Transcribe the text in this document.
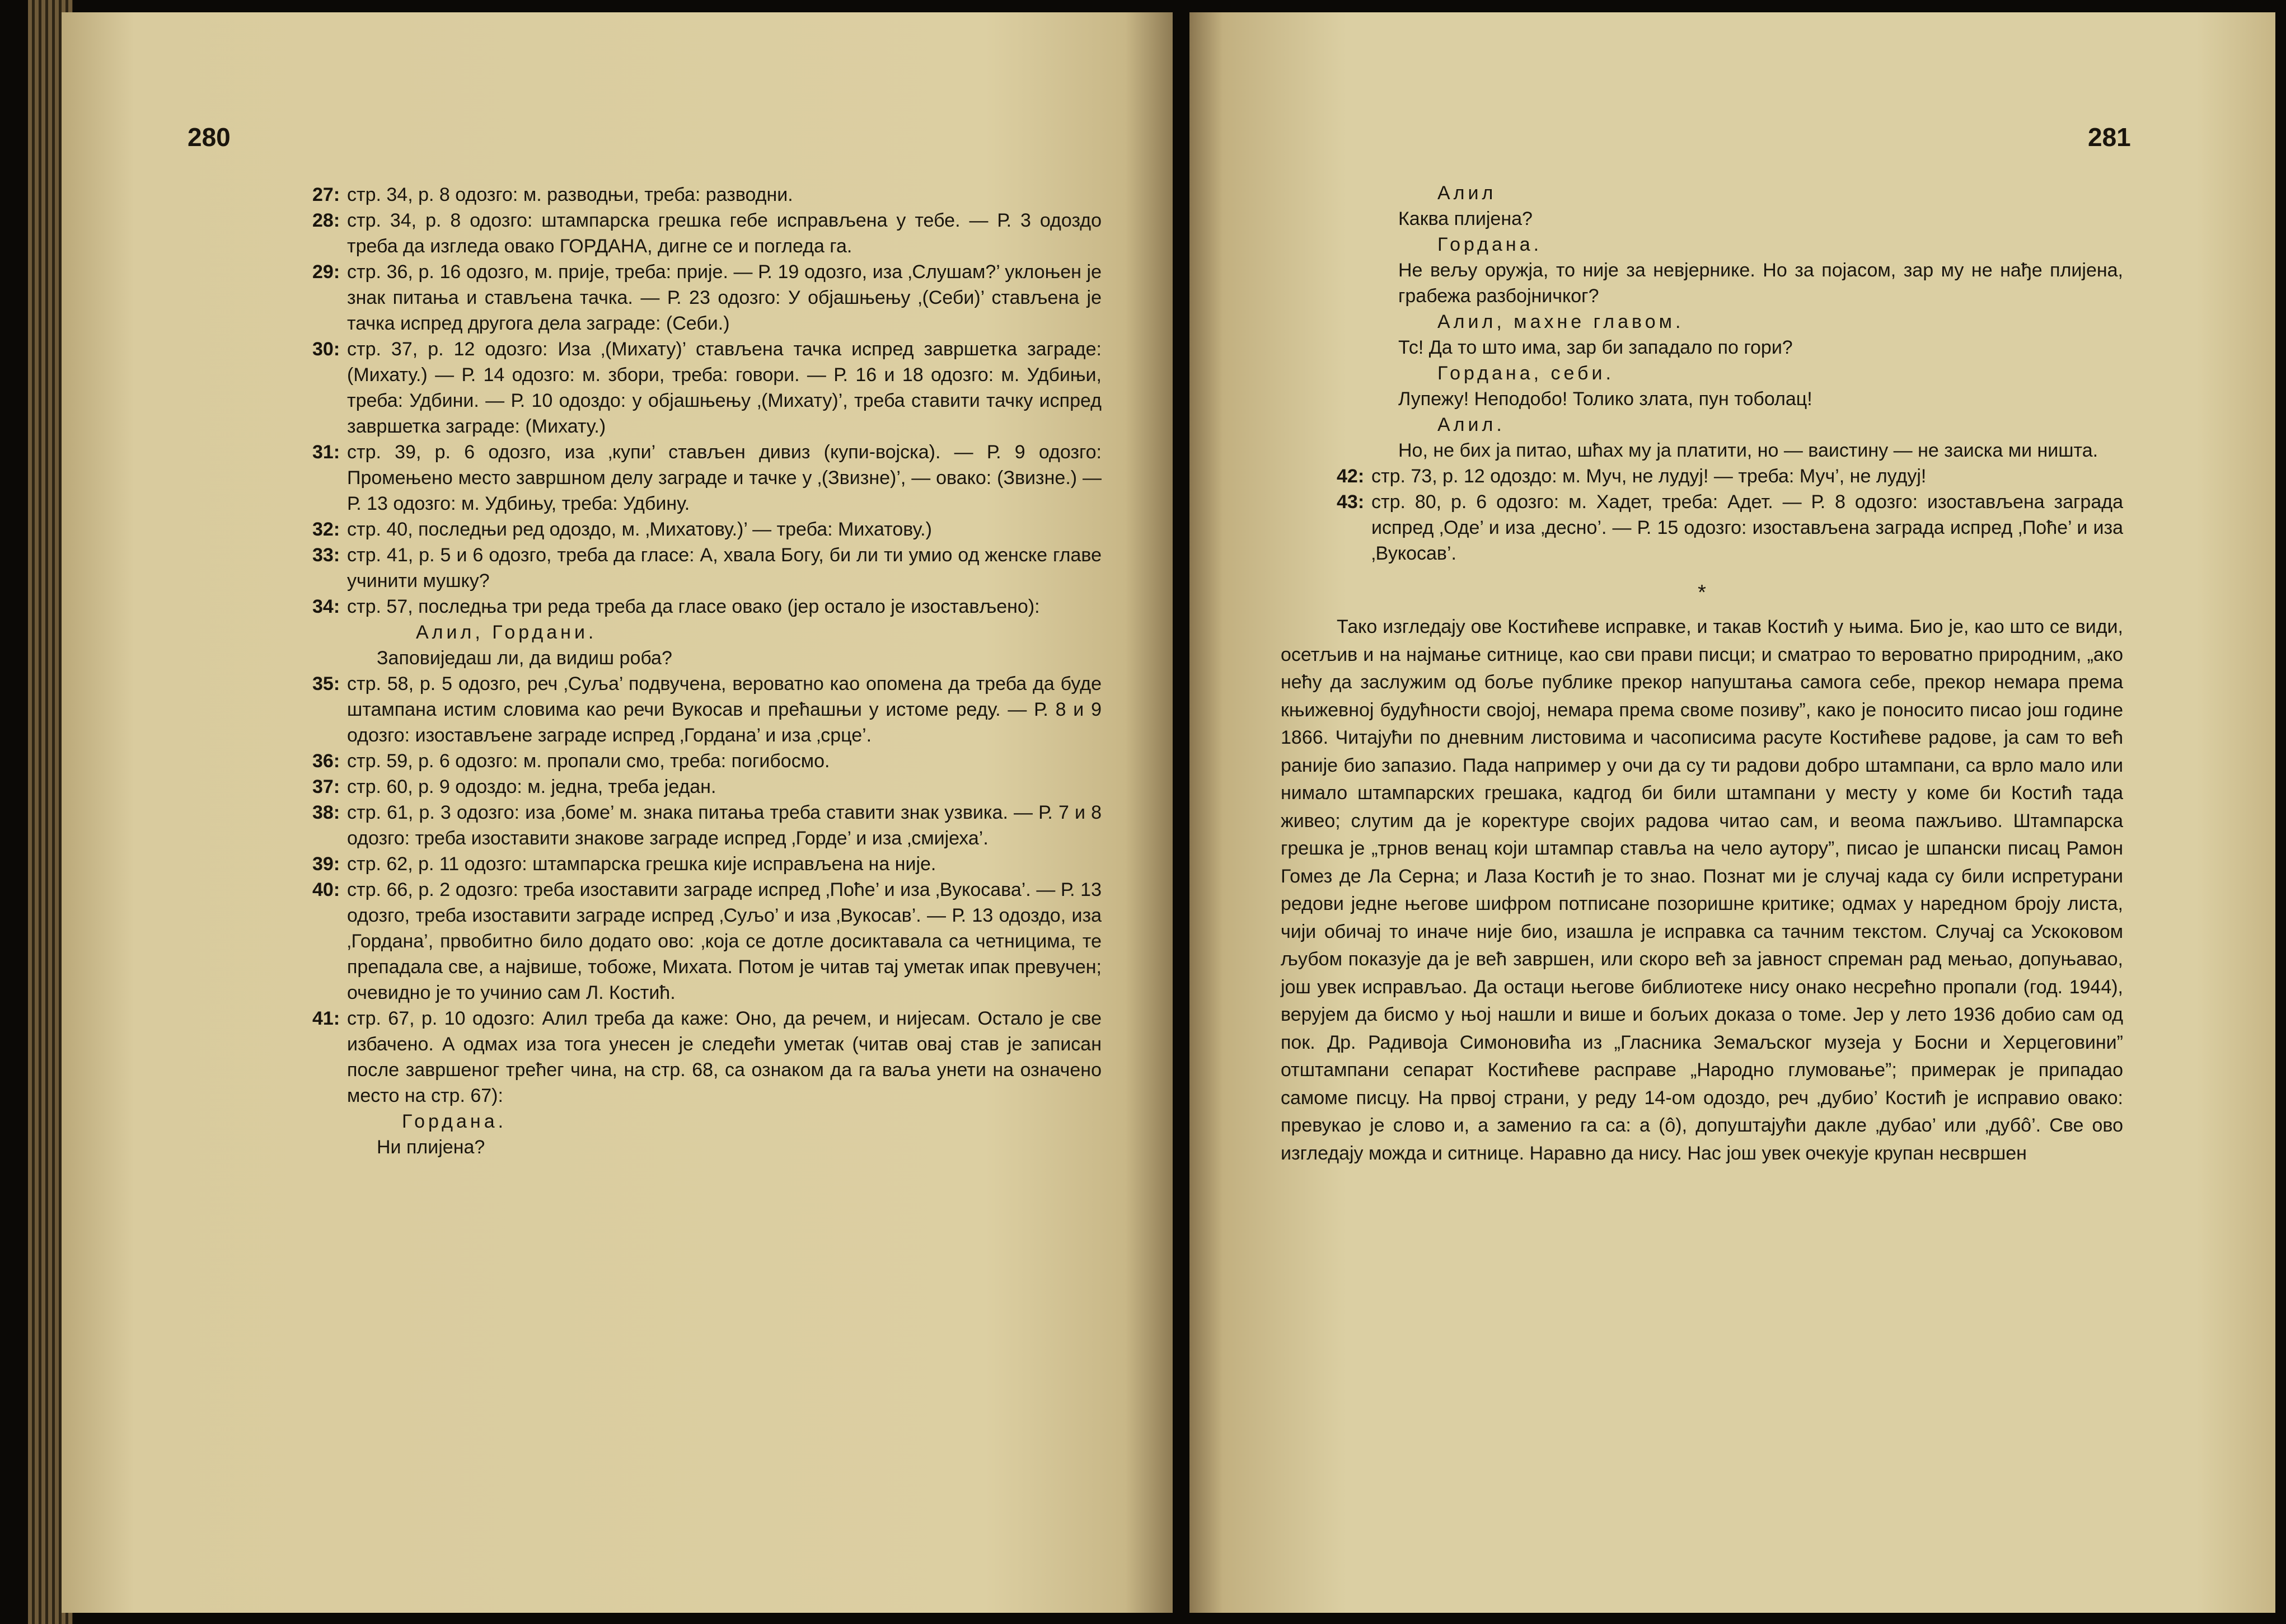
280	281
27: стр. 34, р. 8 одозго: м. разводњи, треба: разводни.
28: стр. 34, р. 8 одозго: штампарска грешка гебе исправљена у тебе. — Р. 3 одоздо треба да изгледа овако ГОРДАНА, дигне се и погледа га.
29: стр. 36, р. 16 одозго, м. пријe, треба: прије. — Р. 19 одозго, иза ‚Слушам?’ уклоњен је знак питања и стављена тачка. — Р. 23 одозго: У објашњењу ‚(Себи)’ стављена је тачка испред другога дела заграде: (Себи.)
30: стр. 37, р. 12 одозго: Иза ‚(Михату)’ стављена тачка испред завршетка заграде: (Михату.) — Р. 14 одозго: м. збори, треба: говори. — Р. 16 и 18 одозго: м. Удбињи, треба: Удбини. — Р. 10 одоздо: у објашњењу ‚(Михату)’, треба ставити тачку испред завршетка заграде: (Михату.)
31: стр. 39, р. 6 одозго, иза ‚купи’ стављен дивиз (купи-војска). — Р. 9 одозго: Промењено место завршном делу заграде и тачке у ‚(Звизне)’, — овако: (Звизне.) — Р. 13 одозго: м. Удбињу, треба: Удбину.
32: стр. 40, последњи ред одоздо, м. ‚Михатову.)’ — треба: Михатову.)
33: стр. 41, р. 5 и 6 одозго, треба да гласе: А, хвала Богу, би ли ти умио од женске главе учинити мушку?
34: стр. 57, последња три реда треба да гласе овако (јер остало је изостављено):
Алил, Гордани.
Заповиједаш ли, да видиш роба?
35: стр. 58, р. 5 одозго, реч ‚Суља’ подвучена, вероватно као опомена да треба да буде штампана истим словима као речи Вукосав и прећашњи у истоме реду. — Р. 8 и 9 одозго: изостављене заграде испред ‚Гордана’ и иза ‚срце’.
36: стр. 59, р. 6 одозго: м. пропали смо, треба: погибосмо.
37: стр. 60, р. 9 одоздо: м. једна, треба један.
38: стр. 61, р. 3 одозго: иза ‚боме’ м. знака питања треба ставити знак узвика. — Р. 7 и 8 одозго: треба изоставити знакове заграде испред ‚Горде’ и иза ‚смијеха’.
39: стр. 62, р. 11 одозго: штампарска грешка кије исправљена на није.
40: стр. 66, р. 2 одозго: треба изоставити заграде испред ‚Поће’ и иза ‚Вукосава’. — Р. 13 одозго, треба изоставити заграде испред ‚Суљо’ и иза ‚Вукосав’. — Р. 13 одоздо, иза ‚Гордана’, првобитно било додато ово: ‚која се дотле досиктавала са четницима, те препадала све, а највише, тобоже, Михата. Потом је читав тај уметак ипак превучен; очевидно је то учинио сам Л. Костић.
41: стр. 67, р. 10 одозго: Алил треба да каже: Оно, да речем, и нијесам. Остало је све избачено. А одмах иза тога унесен је следећи уметак (читав овај став је записан после завршеног трећег чина, на стр. 68, са ознаком да га ваља унети на означено место на стр. 67):
Гордана.
Ни плијена?
Алил
Каква плијена?
Гордана.
Не вељу оружја, то није за невјернике. Но за појасом, зар му не нађе плијена, грабежа разбојничког?
Алил, махне главом.
Тс! Да то што има, зар би западало по гори?
Гордана, себи.
Лупежу! Неподобо! Толико злата, пун тоболац!
Алил.
Но, не бих ја питао, шћах му ја платити, но — ваистину — не заиска ми ништа.
42: стр. 73, р. 12 одоздо: м. Муч, не лудуј! — треба: Муч’, не лудуј!
43: стр. 80, р. 6 одозго: м. Хадет, треба: Адет. — Р. 8 одозго: изостављена заграда испред ‚Оде’ и иза ‚десно’. — Р. 15 одозго: изостављена заграда испред ‚Поће’ и иза ‚Вукосав’.
*

Тако изгледају ове Костићеве исправке, и такав Костић у њима. Био је, као што се види, осетљив и на најмање ситнице, као сви прави писци; и сматрао то вероватно природним, „ако нећу да заслужим од боље публике прекор напуштања самога себе, прекор немара према књижевној будућности својој, немара према своме позиву”, како је поносито писао још године 1866. Читајући по дневним листовима и часописима расуте Костићеве радове, ја сам то већ раније био запазио. Пада например у очи да су ти радови добро штампани, са врло мало или нимало штампарских грешака, кадгод би били штампани у месту у коме би Костић тада живео; слутим да је коректуре својих радова читао сам, и веома пажљиво. Штампарска грешка је „трнов венац који штампар ставља на чело аутору”, писао је шпански писац Рамон Гомез де Ла Серна; и Лаза Костић је то знао. Познат ми је случај када су били испретурани редови једне његове шифром потписане позоришне критике; одмах у наредном броју листа, чији обичај то иначе није био, изашла је исправка са тачним текстом. Случај са Ускоковом љубом показује да је већ завршен, или скоро већ за јавност спреман рад мењао, допуњавао, још увек исправљао. Да остаци његове библиотеке нису онако несрећно пропали (год. 1944), верујем да бисмо у њој нашли и више и бољих доказа о томе. Јер у лето 1936 добио сам од пок. Др. Радивоја Симоновића из „Гласника Земаљског музеја у Босни и Херцеговини” отштампани сепарат Костићеве расправе „Народно глумовање”; примерак је припадао самоме писцу. На првој страни, у реду 14-ом одоздо, реч ‚дубио’ Костић је исправио овако: превукао је слово и, а заменио га са: а (ô), допуштајући дакле ‚дубао’ или ‚дубô’. Све ово изгледају можда и ситнице. Наравно да нису. Нас још увек очекује крупан несвршен
